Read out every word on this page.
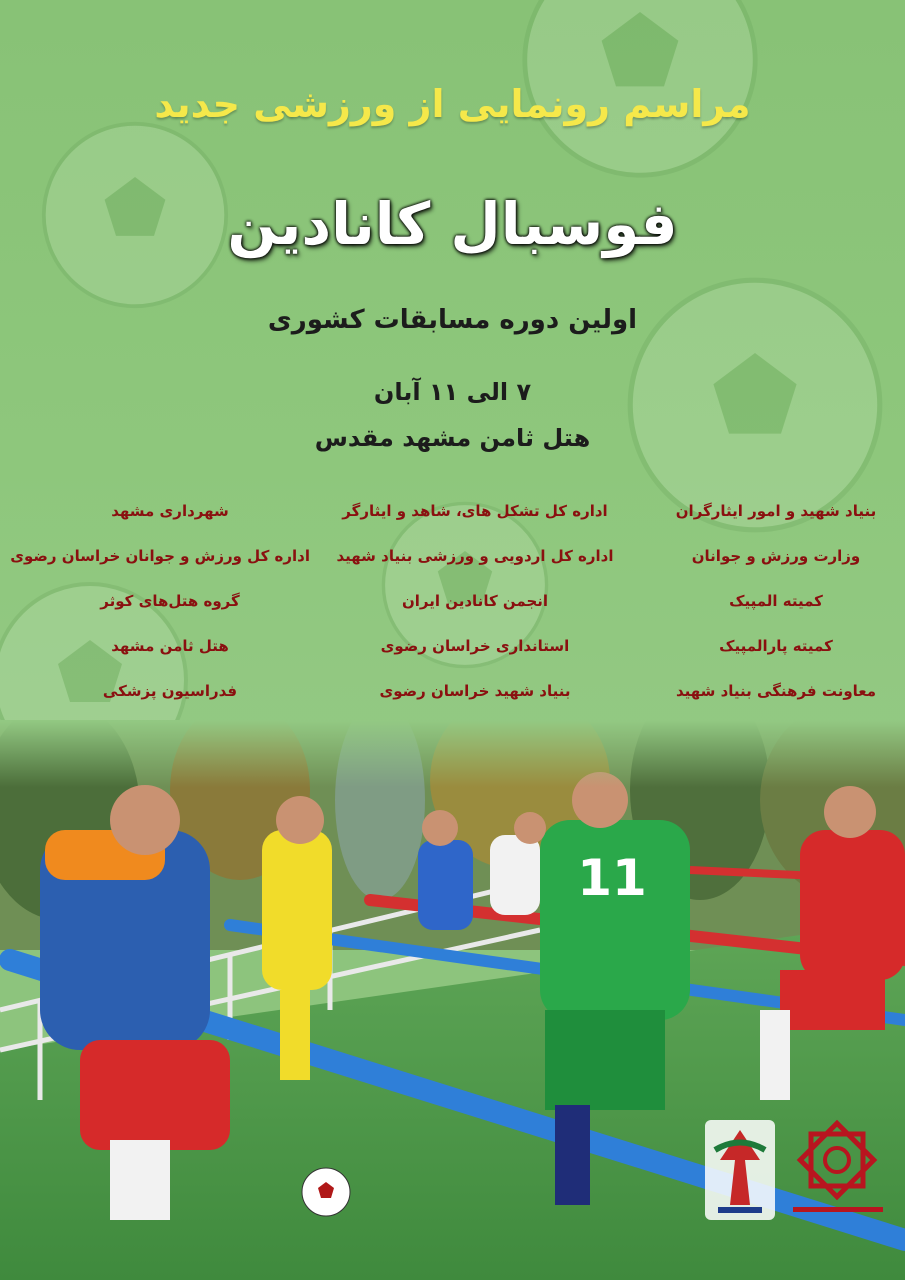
مراسم رونمایی از ورزشی جدید
فوسبال کانادین
اولین دوره مسابقات کشوری
۷ الی ۱۱ آبان
هتل ثامن مشهد مقدس
بنیاد شهید و امور ایثارگران
وزارت ورزش و جوانان
کمیته المپیک
کمیته پارالمپیک
معاونت فرهنگی بنیاد شهید
اداره کل تشکل های، شاهد و ایثارگر
اداره کل اردویی و ورزشی بنیاد شهید
انجمن کانادین ایران
استانداری خراسان رضوی
بنیاد شهید خراسان رضوی
شهرداری مشهد
اداره کل ورزش و جوانان خراسان رضوی
گروه هتل‌های کوثر
هتل ثامن مشهد
فدراسیون پزشکی
